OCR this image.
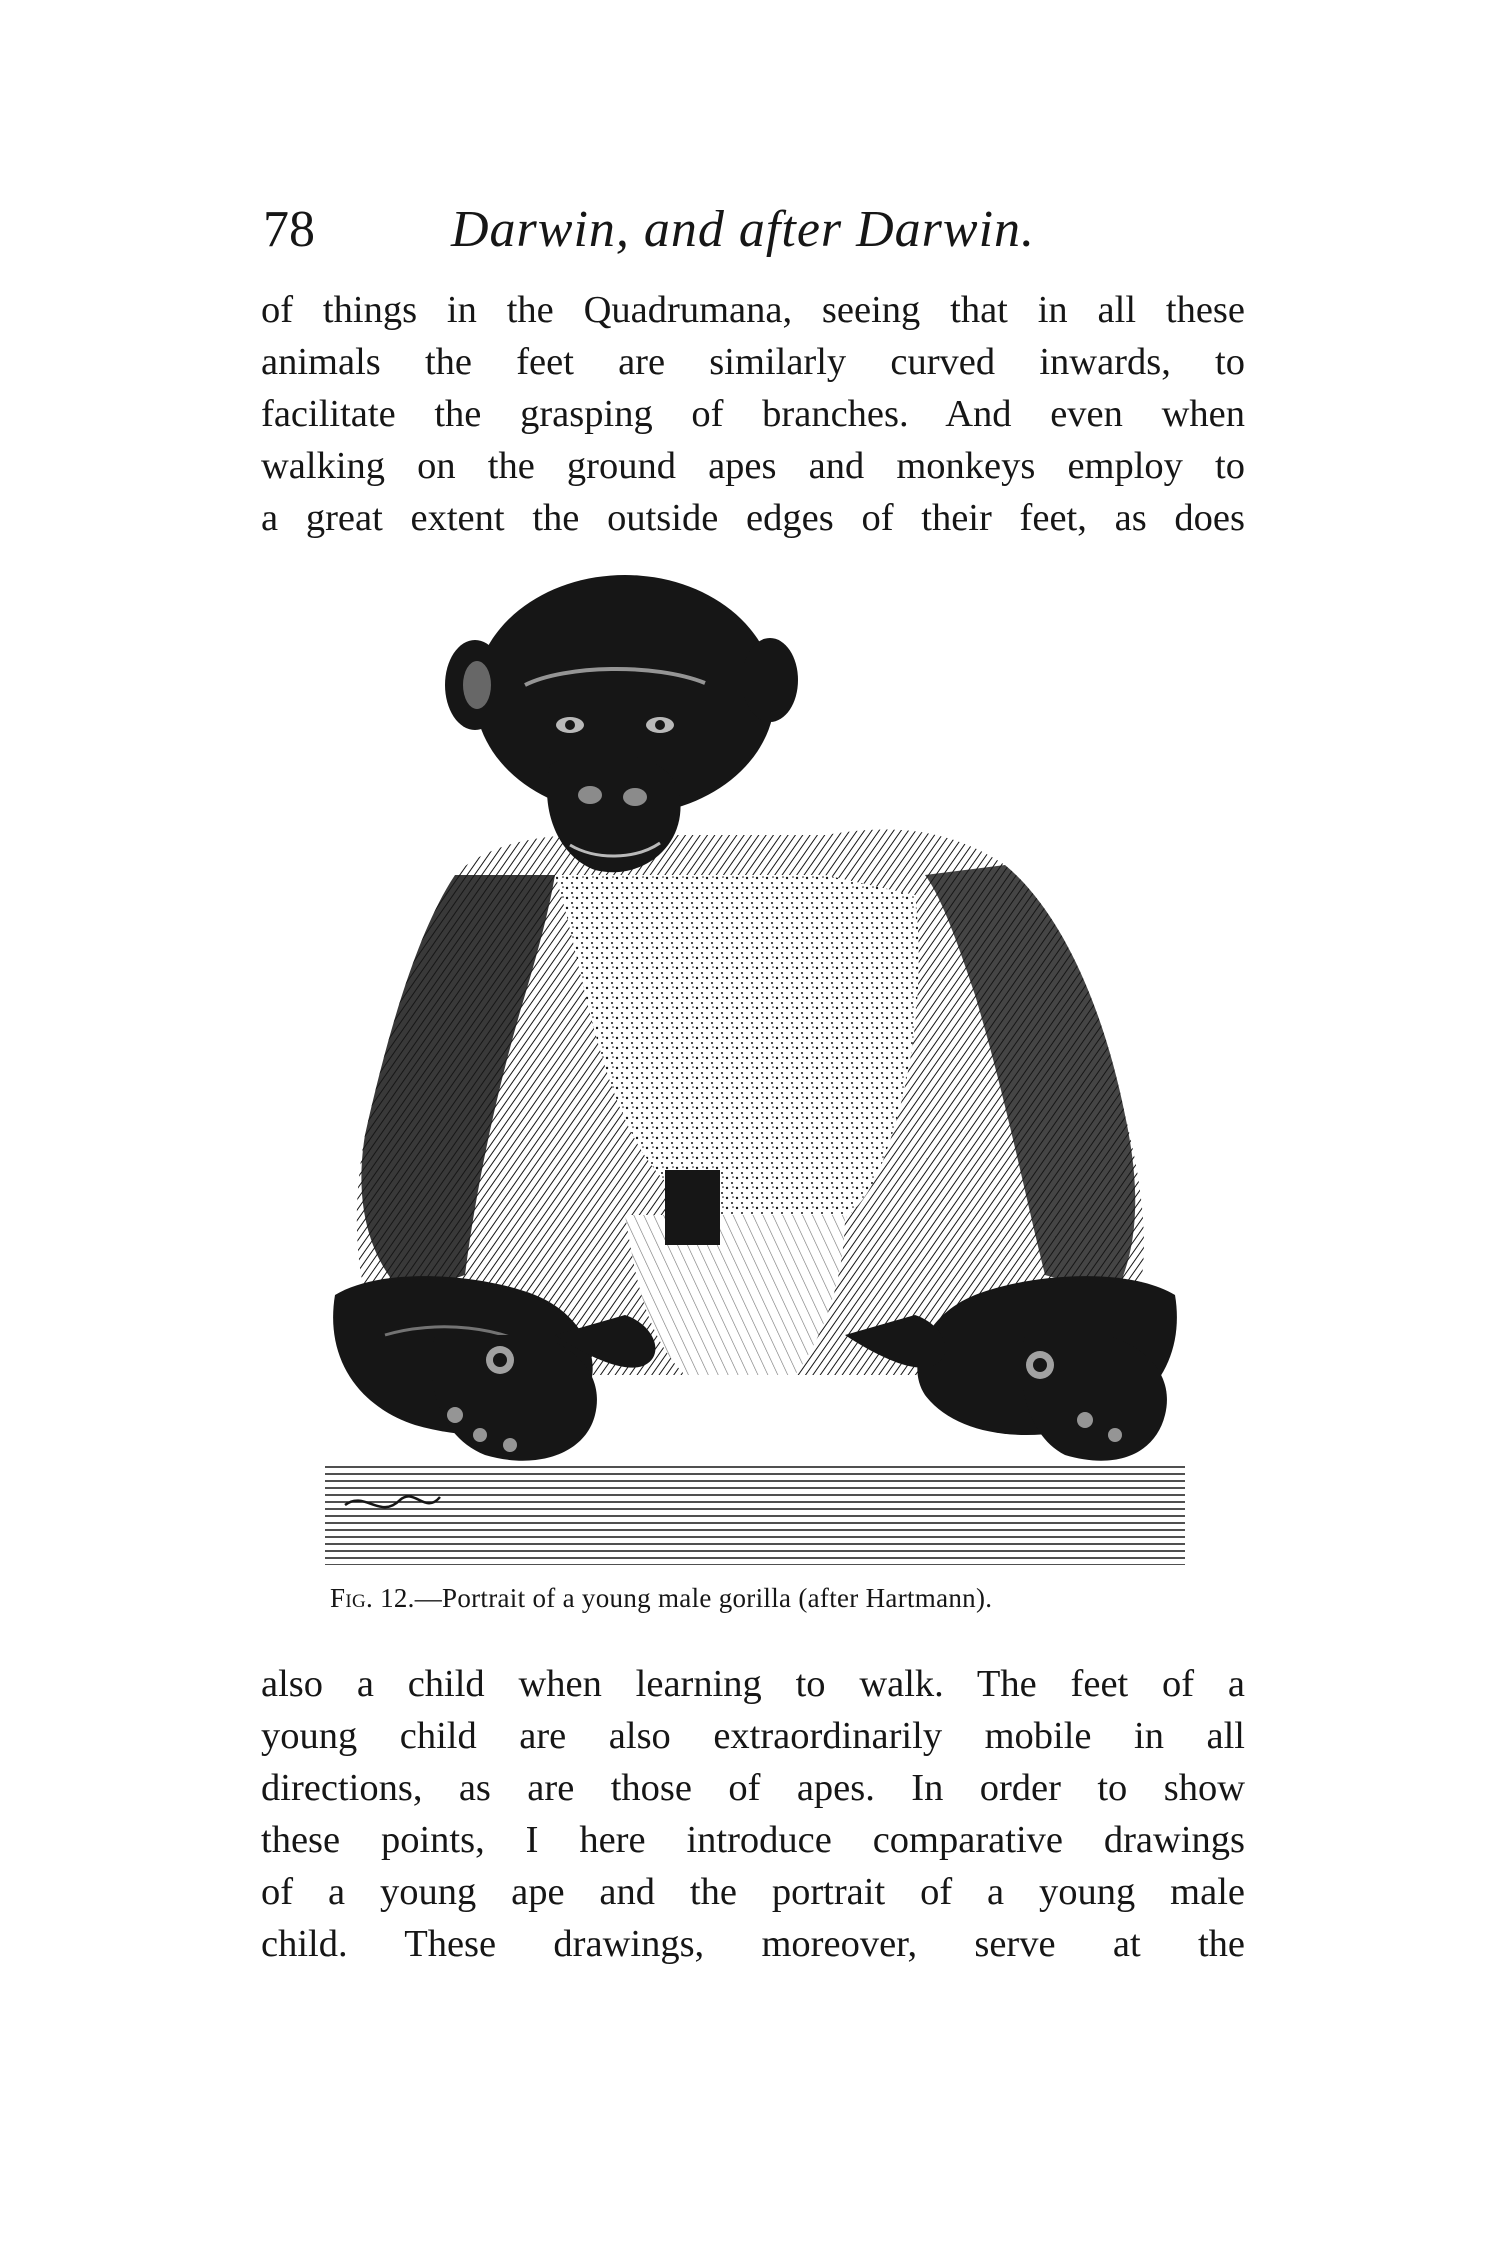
78	Darwin, and after Darwin.
of things in the Quadrumana, seeing that in all these
animals the feet are similarly curved inwards, to
facilitate the grasping of branches. And even when
walking on the ground apes and monkeys employ to
a great extent the outside edges of their feet, as does
Fig. 12.—Portrait of a young male gorilla (after Hartmann).
also a child when learning to walk. The feet of a
young child are also extraordinarily mobile in all
directions, as are those of apes. In order to show
these points, I here introduce comparative drawings
of a young ape and the portrait of a young male
child. These drawings, moreover, serve at the
